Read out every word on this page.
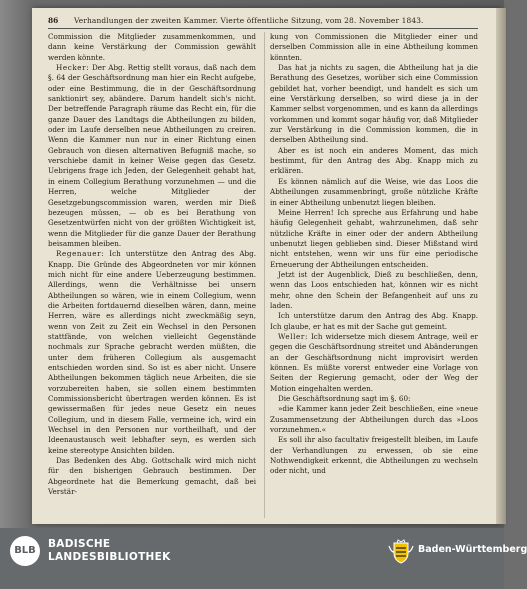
86 Verhandlungen der zweiten Kammer. Vierte öffentliche Sitzung, vom 28. November 1843.

Commission die Mitglieder zusammenkommen, und dann keine Verstärkung der Commission gewählt werden könnte.

Hecker: Der Abg. Rettig stellt voraus, daß nach dem §. 64 der Geschäftsordnung man hier ein Recht aufgebe, oder eine Bestimmung, die in der Geschäftsordnung sanktionirt sey, abändere. Darum handelt sich's nicht. Der betreffende Paragraph räume das Recht ein, für die ganze Dauer des Landtags die Abtheilungen zu bilden, oder im Laufe derselben neue Abtheilungen zu creiren. Wenn die Kammer nun nur in einer Richtung einen Gebrauch von diesen alternativen Befugniß mache, so verschiebe damit in keiner Weise gegen das Gesetz. Uebrigens frage ich Jeden, der Gelegenheit gehabt hat, in einem Collegium Berathung vorzunehmen — und die Herren, welche Mitglieder der Gesetzgebungscommission waren, werden mir Dieß bezeugen müssen, — ob es bei Berathung von Gesetzentwürfen nicht von der größten Wichtigkeit ist, wenn die Mitglieder für die ganze Dauer der Berathung beisammen bleiben.

Regenauer: Ich unterstütze den Antrag des Abg. Knapp. Die Gründe des Abgeordneten vor mir können mich nicht für eine andere Ueberzeugung bestimmen. Allerdings, wenn die Verhältnisse bei unsern Abtheilungen so wären, wie in einem Collegium, wenn die Arbeiten fortdauernd dieselben wären, dann, meine Herren, wäre es allerdings nicht zweckmäßig seyn, wenn von Zeit zu Zeit ein Wechsel in den Personen stattfände, von welchen vielleicht Gegenstände nochmals zur Sprache gebracht werden müßten, die unter dem früheren Collegium als ausgemacht entschieden worden sind. So ist es aber nicht. Unsere Abtheilungen bekommen täglich neue Arbeiten, die sie vorzubereiten haben, sie sollen einem bestimmten Commissionsbericht übertragen werden können. Es ist gewissermaßen für jedes neue Gesetz ein neues Collegium, und in diesem Falle, vermeine ich, wird ein Wechsel in den Personen nur vortheilhaft, und der Ideenaustausch weit lebhafter seyn, es werden sich keine stereotype Ansichten bilden.

Das Bedenken des Abg. Gottschalk wird mich nicht für den bisherigen Gebrauch bestimmen. Der Abgeordnete hat die Bemerkung gemacht, daß bei Verstär-

kung von Commissionen die Mitglieder einer und derselben Commission alle in eine Abtheilung kommen könnten.

Das hat ja nichts zu sagen, die Abtheilung hat ja die Berathung des Gesetzes, worüber sich eine Commission gebildet hat, vorher beendigt, und handelt es sich um eine Verstärkung derselben, so wird diese ja in der Kammer selbst vorgenommen, und es kann da allerdings vorkommen und kommt sogar häufig vor, daß Mitglieder zur Verstärkung in die Commission kommen, die in derselben Abtheilung sind.

Aber es ist noch ein anderes Moment, das mich bestimmt, für den Antrag des Abg. Knapp mich zu erklären.

Es können nämlich auf die Weise, wie das Loos die Abtheilungen zusammenbringt, große nützliche Kräfte in einer Abtheilung unbenutzt liegen bleiben.

Meine Herren! Ich spreche aus Erfahrung und habe häufig Gelegenheit gehabt, wahrzunehmen, daß sehr nützliche Kräfte in einer oder der andern Abtheilung unbenutzt liegen geblieben sind. Dieser Mißstand wird nicht entstehen, wenn wir uns für eine periodische Erneuerung der Abtheilungen entscheiden.

Jetzt ist der Augenblick, Dieß zu beschließen, denn, wenn das Loos entschieden hat, können wir es nicht mehr, ohne den Schein der Befangenheit auf uns zu laden.

Ich unterstütze darum den Antrag des Abg. Knapp. Ich glaube, er hat es mit der Sache gut gemeint.

Weller: Ich widersetze mich diesem Antrage, weil er gegen die Geschäftsordnung streitet und Abänderungen an der Geschäftsordnung nicht improvisirt werden können. Es müßte vorerst entweder eine Vorlage von Seiten der Regierung gemacht, oder der Weg der Motion eingehalten werden.

Die Geschäftsordnung sagt im §. 60:

»die Kammer kann jeder Zeit beschließen, eine »neue Zusammensetzung der Abtheilungen durch das »Loos vorzunehmen.«

Es soll ihr also facultativ freigestellt bleiben, im Laufe der Verhandlungen zu erwessen, ob sie eine Nothwendigkeit erkennt, die Abtheilungen zu wechseln oder nicht, und

BLB
BADISCHE
LANDESBIBLIOTHEK
Baden-Württemberg
